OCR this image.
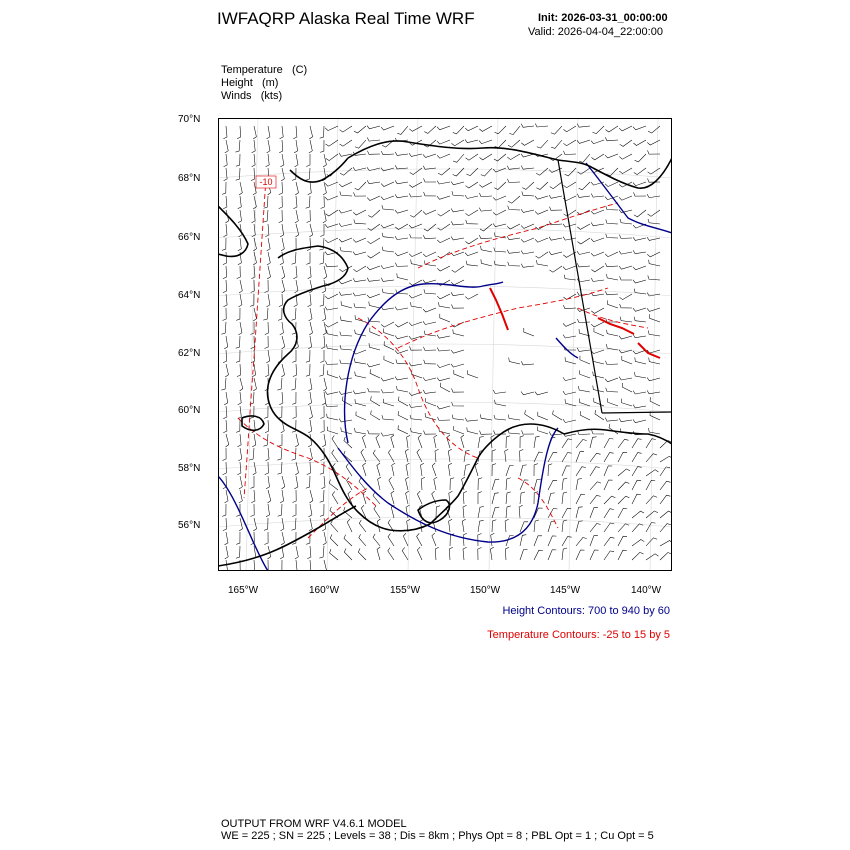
IWFAQRP Alaska Real Time WRF	Init: 2026-03-31_00:00:00
Valid: 2026-04-04_22:00:00
Temperature (C)
Height (m)
Winds (kts)
70°N
68°N
66°N
64°N
62°N
60°N
58°N
56°N
165°W	160°W	155°W	150°W	145°W	140°W
-10
Height Contours: 700 to 940 by 60
Temperature Contours: -25 to 15 by 5
OUTPUT FROM WRF V4.6.1 MODEL
WE = 225 ; SN = 225 ; Levels = 38 ; Dis = 8km ; Phys Opt = 8 ; PBL Opt = 1 ; Cu Opt = 5
